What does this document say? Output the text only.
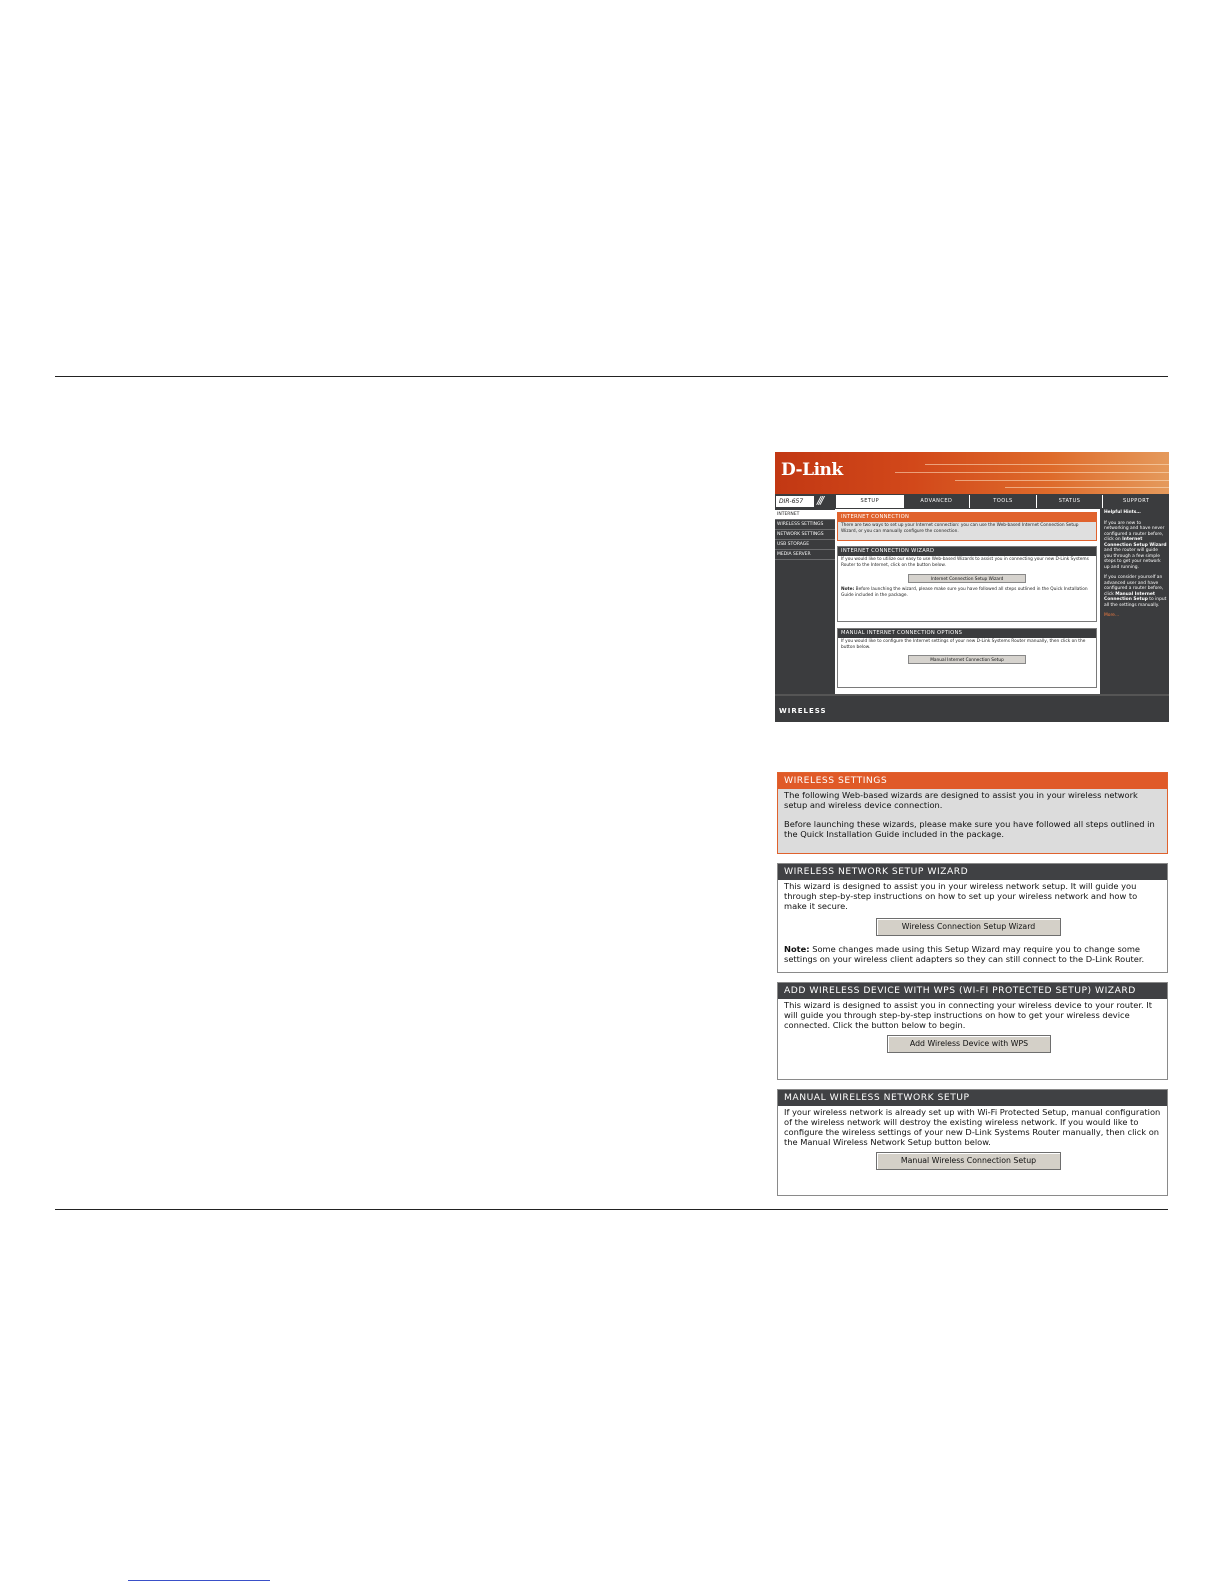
D-Link
DIR-657	///	SETUP	ADVANCED	TOOLS	STATUS	SUPPORT
INTERNET
WIRELESS SETTINGS
NETWORK SETTINGS
USB STORAGE
MEDIA SERVER
INTERNET CONNECTION
There are two ways to set up your Internet connection: you can use the Web-based Internet Connection Setup Wizard, or you can manually configure the connection.
INTERNET CONNECTION WIZARD
If you would like to utilize our easy to use Web-based Wizards to assist you in connecting your new D-Link Systems Router to the Internet, click on the button below.
Internet Connection Setup Wizard
Note: Before launching the wizard, please make sure you have followed all steps outlined in the Quick Installation Guide included in the package.
MANUAL INTERNET CONNECTION OPTIONS
If you would like to configure the Internet settings of your new D-Link Systems Router manually, then click on the button below.
Manual Internet Connection Setup
Helpful Hints…
If you are new to networking and have never configured a router before, click on Internet Connection Setup Wizard and the router will guide you through a few simple steps to get your network up and running.
If you consider yourself an advanced user and have configured a router before, click Manual Internet Connection Setup to input all the settings manually.
More…
WIRELESS
WIRELESS SETTINGS
The following Web-based wizards are designed to assist you in your wireless network setup and wireless device connection.
Before launching these wizards, please make sure you have followed all steps outlined in the Quick Installation Guide included in the package.
WIRELESS NETWORK SETUP WIZARD
This wizard is designed to assist you in your wireless network setup. It will guide you through step-by-step instructions on how to set up your wireless network and how to make it secure.
Wireless Connection Setup Wizard
Note: Some changes made using this Setup Wizard may require you to change some settings on your wireless client adapters so they can still connect to the D-Link Router.
ADD WIRELESS DEVICE WITH WPS (WI-FI PROTECTED SETUP) WIZARD
This wizard is designed to assist you in connecting your wireless device to your router. It will guide you through step-by-step instructions on how to get your wireless device connected. Click the button below to begin.
Add Wireless Device with WPS
MANUAL WIRELESS NETWORK SETUP
If your wireless network is already set up with Wi-Fi Protected Setup, manual configuration of the wireless network will destroy the existing wireless network. If you would like to configure the wireless settings of your new D-Link Systems Router manually, then click on the Manual Wireless Network Setup button below.
Manual Wireless Connection Setup
